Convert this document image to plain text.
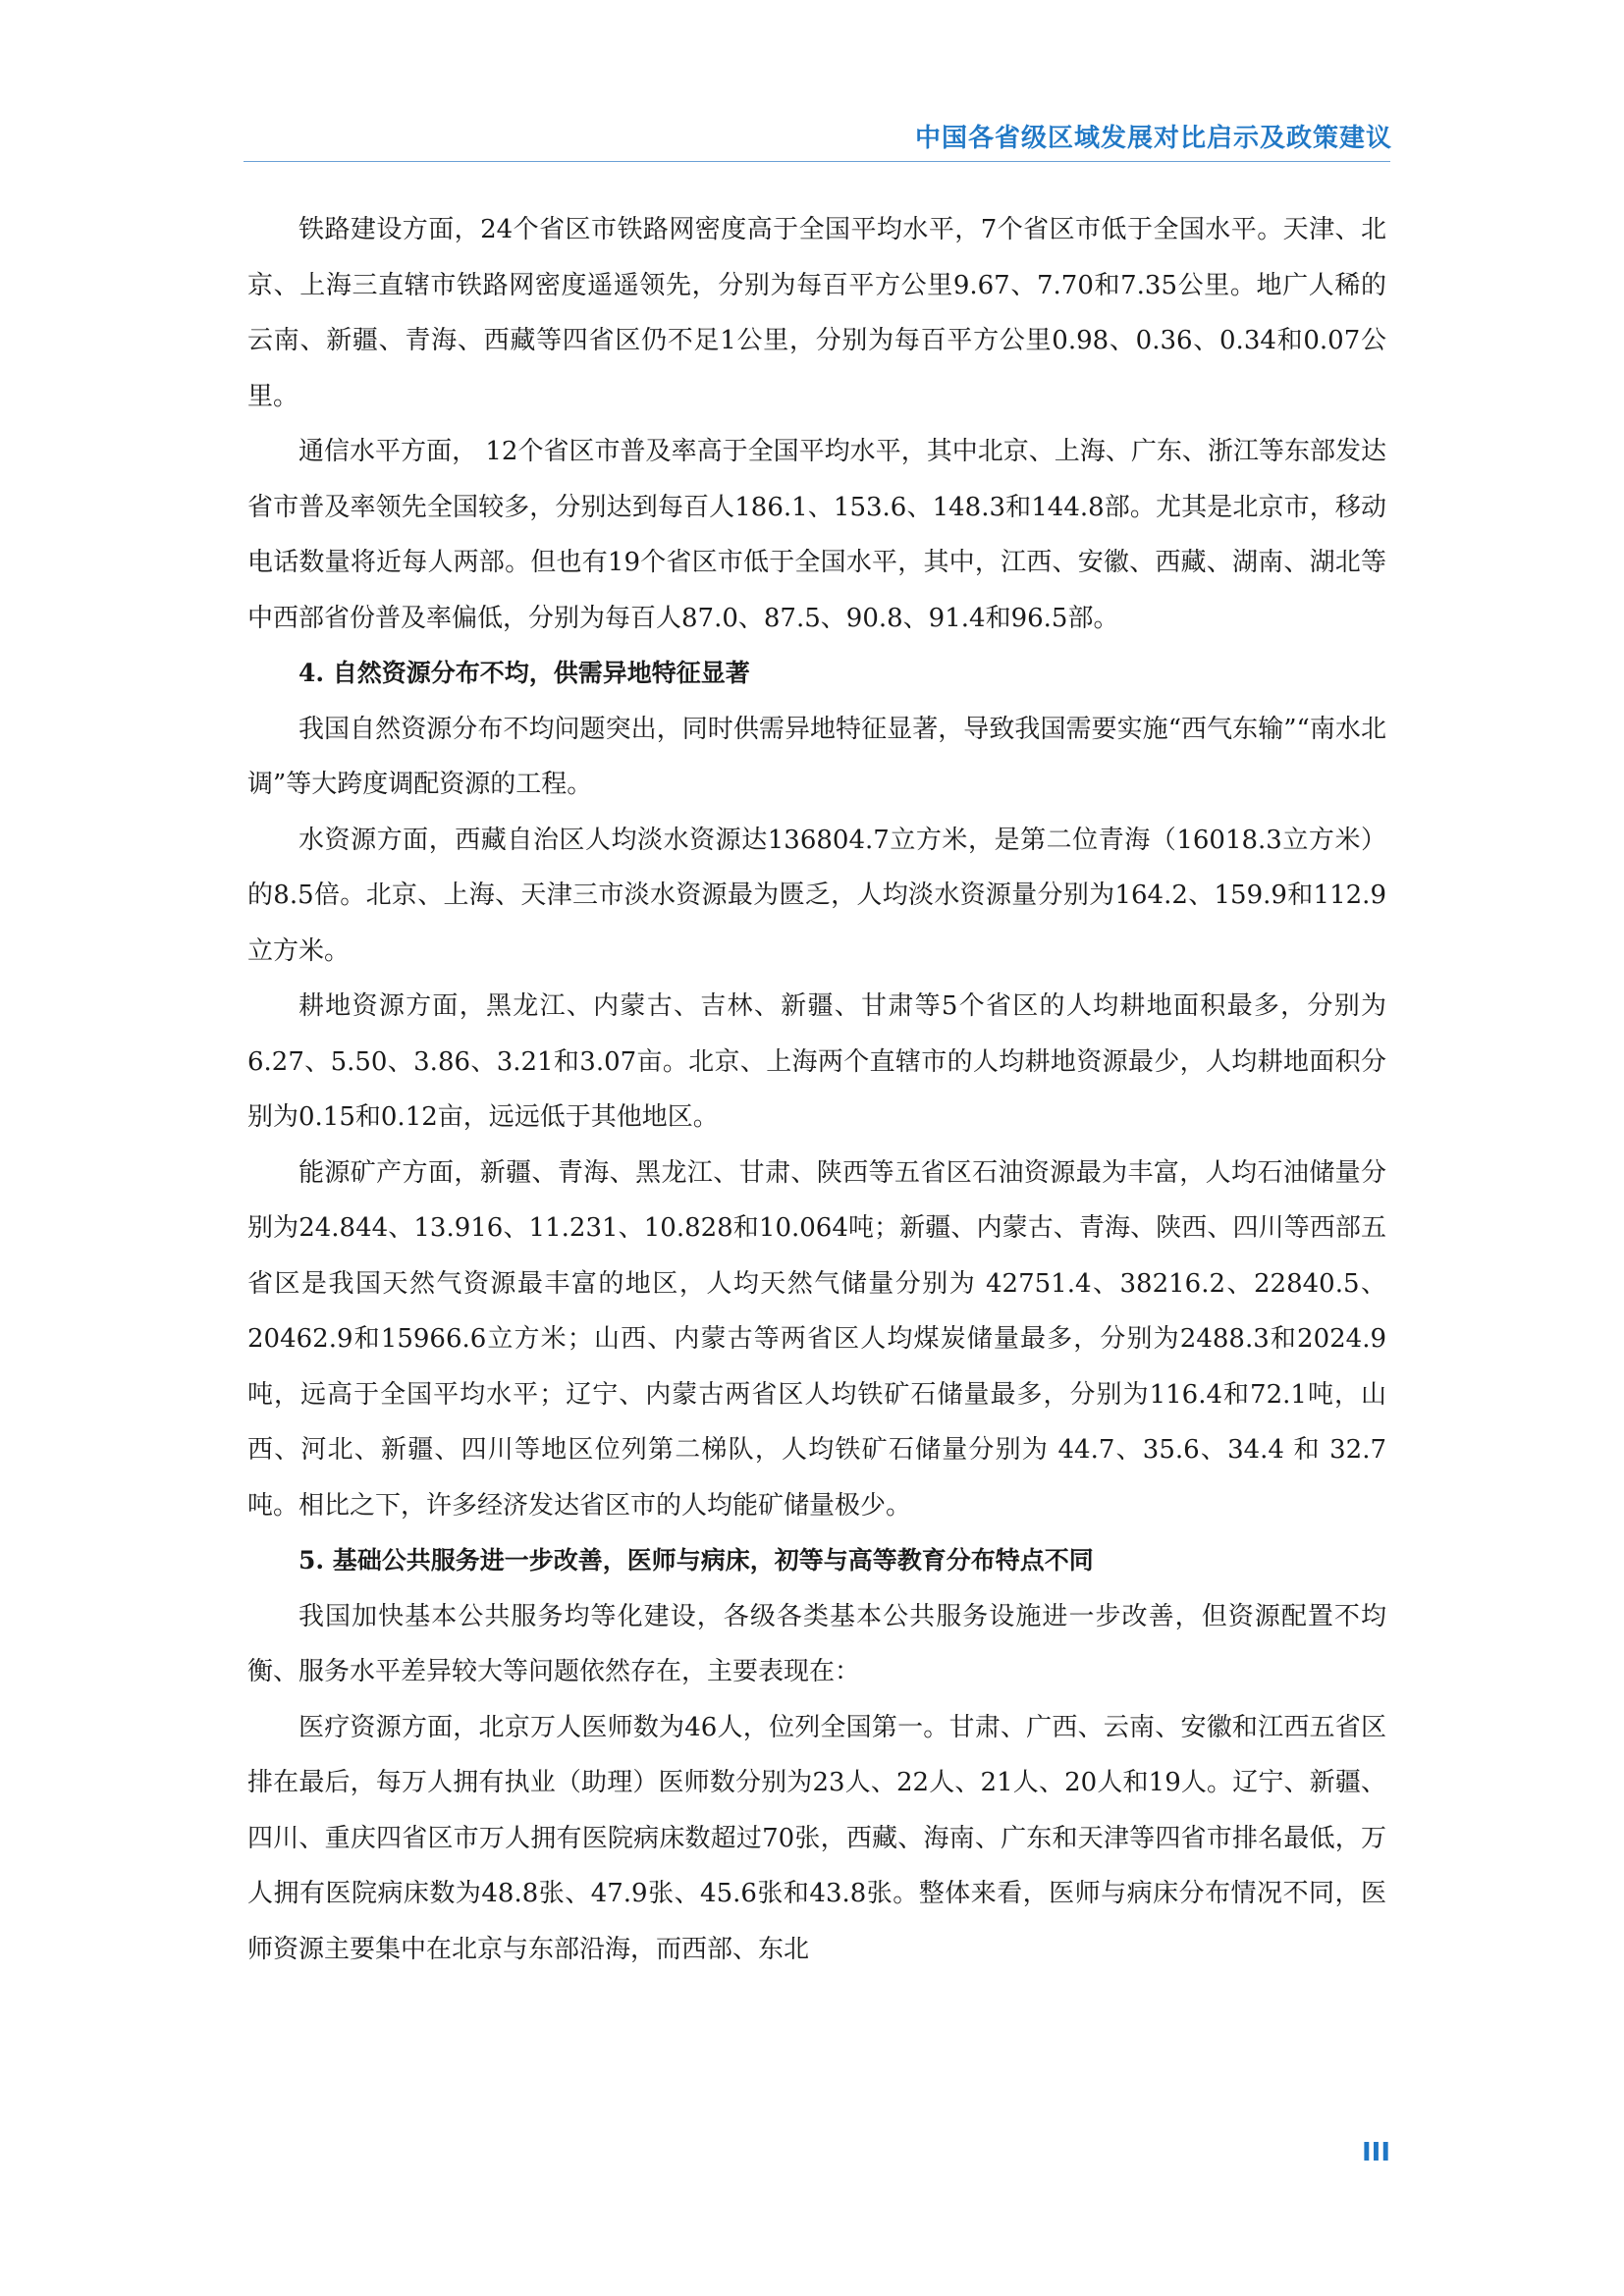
中国各省级区域发展对比启示及政策建议

铁路建设方面，24个省区市铁路网密度高于全国平均水平，7个省区市低于全国水平。天津、北京、上海三直辖市铁路网密度遥遥领先，分别为每百平方公里9.67、7.70和7.35公里。地广人稀的云南、新疆、青海、西藏等四省区仍不足1公里，分别为每百平方公里0.98、0.36、0.34和0.07公里。

通信水平方面， 12个省区市普及率高于全国平均水平，其中北京、上海、广东、浙江等东部发达省市普及率领先全国较多，分别达到每百人186.1、153.6、148.3和144.8部。尤其是北京市，移动电话数量将近每人两部。但也有19个省区市低于全国水平，其中，江西、安徽、西藏、湖南、湖北等中西部省份普及率偏低，分别为每百人87.0、87.5、90.8、91.4和96.5部。

4. 自然资源分布不均，供需异地特征显著

我国自然资源分布不均问题突出，同时供需异地特征显著，导致我国需要实施“西气东输”“南水北调”等大跨度调配资源的工程。

水资源方面，西藏自治区人均淡水资源达136804.7立方米，是第二位青海（16018.3立方米）的8.5倍。北京、上海、天津三市淡水资源最为匮乏，人均淡水资源量分别为164.2、159.9和112.9立方米。

耕地资源方面，黑龙江、内蒙古、吉林、新疆、甘肃等5个省区的人均耕地面积最多，分别为6.27、5.50、3.86、3.21和3.07亩。北京、上海两个直辖市的人均耕地资源最少，人均耕地面积分别为0.15和0.12亩，远远低于其他地区。

能源矿产方面，新疆、青海、黑龙江、甘肃、陕西等五省区石油资源最为丰富，人均石油储量分别为24.844、13.916、11.231、10.828和10.064吨；新疆、内蒙古、青海、陕西、四川等西部五省区是我国天然气资源最丰富的地区，人均天然气储量分别为 42751.4、38216.2、22840.5、20462.9和15966.6立方米；山西、内蒙古等两省区人均煤炭储量最多，分别为2488.3和2024.9吨，远高于全国平均水平；辽宁、内蒙古两省区人均铁矿石储量最多，分别为116.4和72.1吨，山西、河北、新疆、四川等地区位列第二梯队，人均铁矿石储量分别为 44.7、35.6、34.4 和 32.7 吨。相比之下，许多经济发达省区市的人均能矿储量极少。

5. 基础公共服务进一步改善，医师与病床，初等与高等教育分布特点不同

我国加快基本公共服务均等化建设，各级各类基本公共服务设施进一步改善，但资源配置不均衡、服务水平差异较大等问题依然存在，主要表现在：

医疗资源方面，北京万人医师数为46人，位列全国第一。甘肃、广西、云南、安徽和江西五省区排在最后，每万人拥有执业（助理）医师数分别为23人、22人、21人、20人和19人。辽宁、新疆、四川、重庆四省区市万人拥有医院病床数超过70张，西藏、海南、广东和天津等四省市排名最低，万人拥有医院病床数为48.8张、47.9张、45.6张和43.8张。整体来看，医师与病床分布情况不同，医师资源主要集中在北京与东部沿海，而西部、东北

III
